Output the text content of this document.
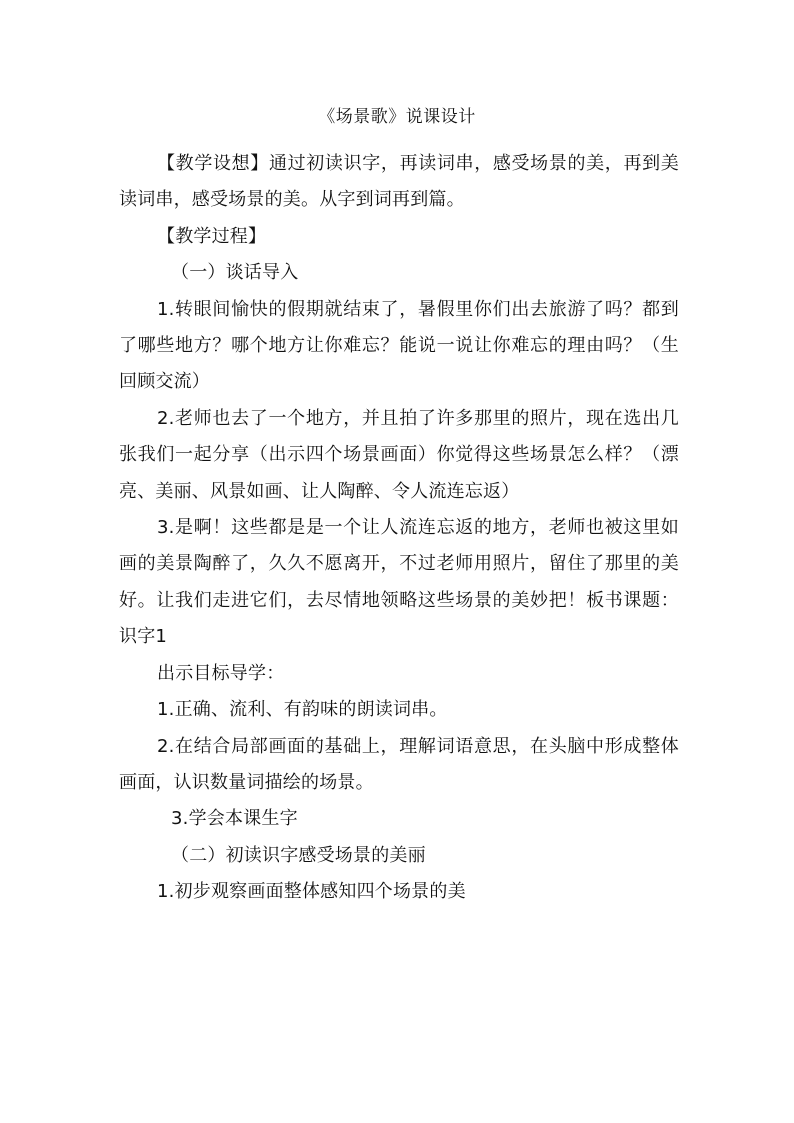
《场景歌》说课设计

【教学设想】通过初读识字，再读词串，感受场景的美，再到美读词串，感受场景的美。从字到词再到篇。

【教学过程】

（一）谈话导入

1.转眼间愉快的假期就结束了，暑假里你们出去旅游了吗？都到了哪些地方？哪个地方让你难忘？能说一说让你难忘的理由吗？（生回顾交流）

2.老师也去了一个地方，并且拍了许多那里的照片，现在选出几张我们一起分享（出示四个场景画面）你觉得这些场景怎么样？（漂亮、美丽、风景如画、让人陶醉、令人流连忘返）

3.是啊！这些都是是一个让人流连忘返的地方，老师也被这里如画的美景陶醉了，久久不愿离开，不过老师用照片，留住了那里的美好。让我们走进它们，去尽情地领略这些场景的美妙把！板书课题：识字1

出示目标导学：

1.正确、流利、有韵味的朗读词串。

2.在结合局部画面的基础上，理解词语意思，在头脑中形成整体画面，认识数量词描绘的场景。

3.学会本课生字

（二）初读识字感受场景的美丽

1.初步观察画面整体感知四个场景的美
